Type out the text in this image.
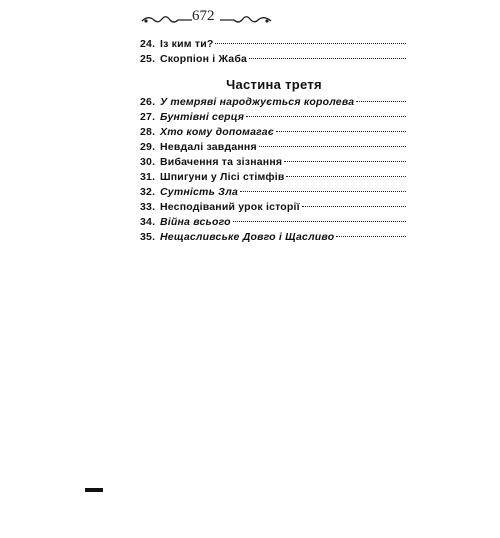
672
24. Із ким ти?
25. Скорпіон і Жаба
Частина третя
26. У темряві народжується королева
27. Бунтівні серця
28. Хто кому допомагає
29. Невдалі завдання
30. Вибачення та зізнання
31. Шпигуни у Лісі стімфів
32. Сутність Зла
33. Несподіваний урок історії
34. Війна всього
35. Нещасливське Довго і Щасливо
